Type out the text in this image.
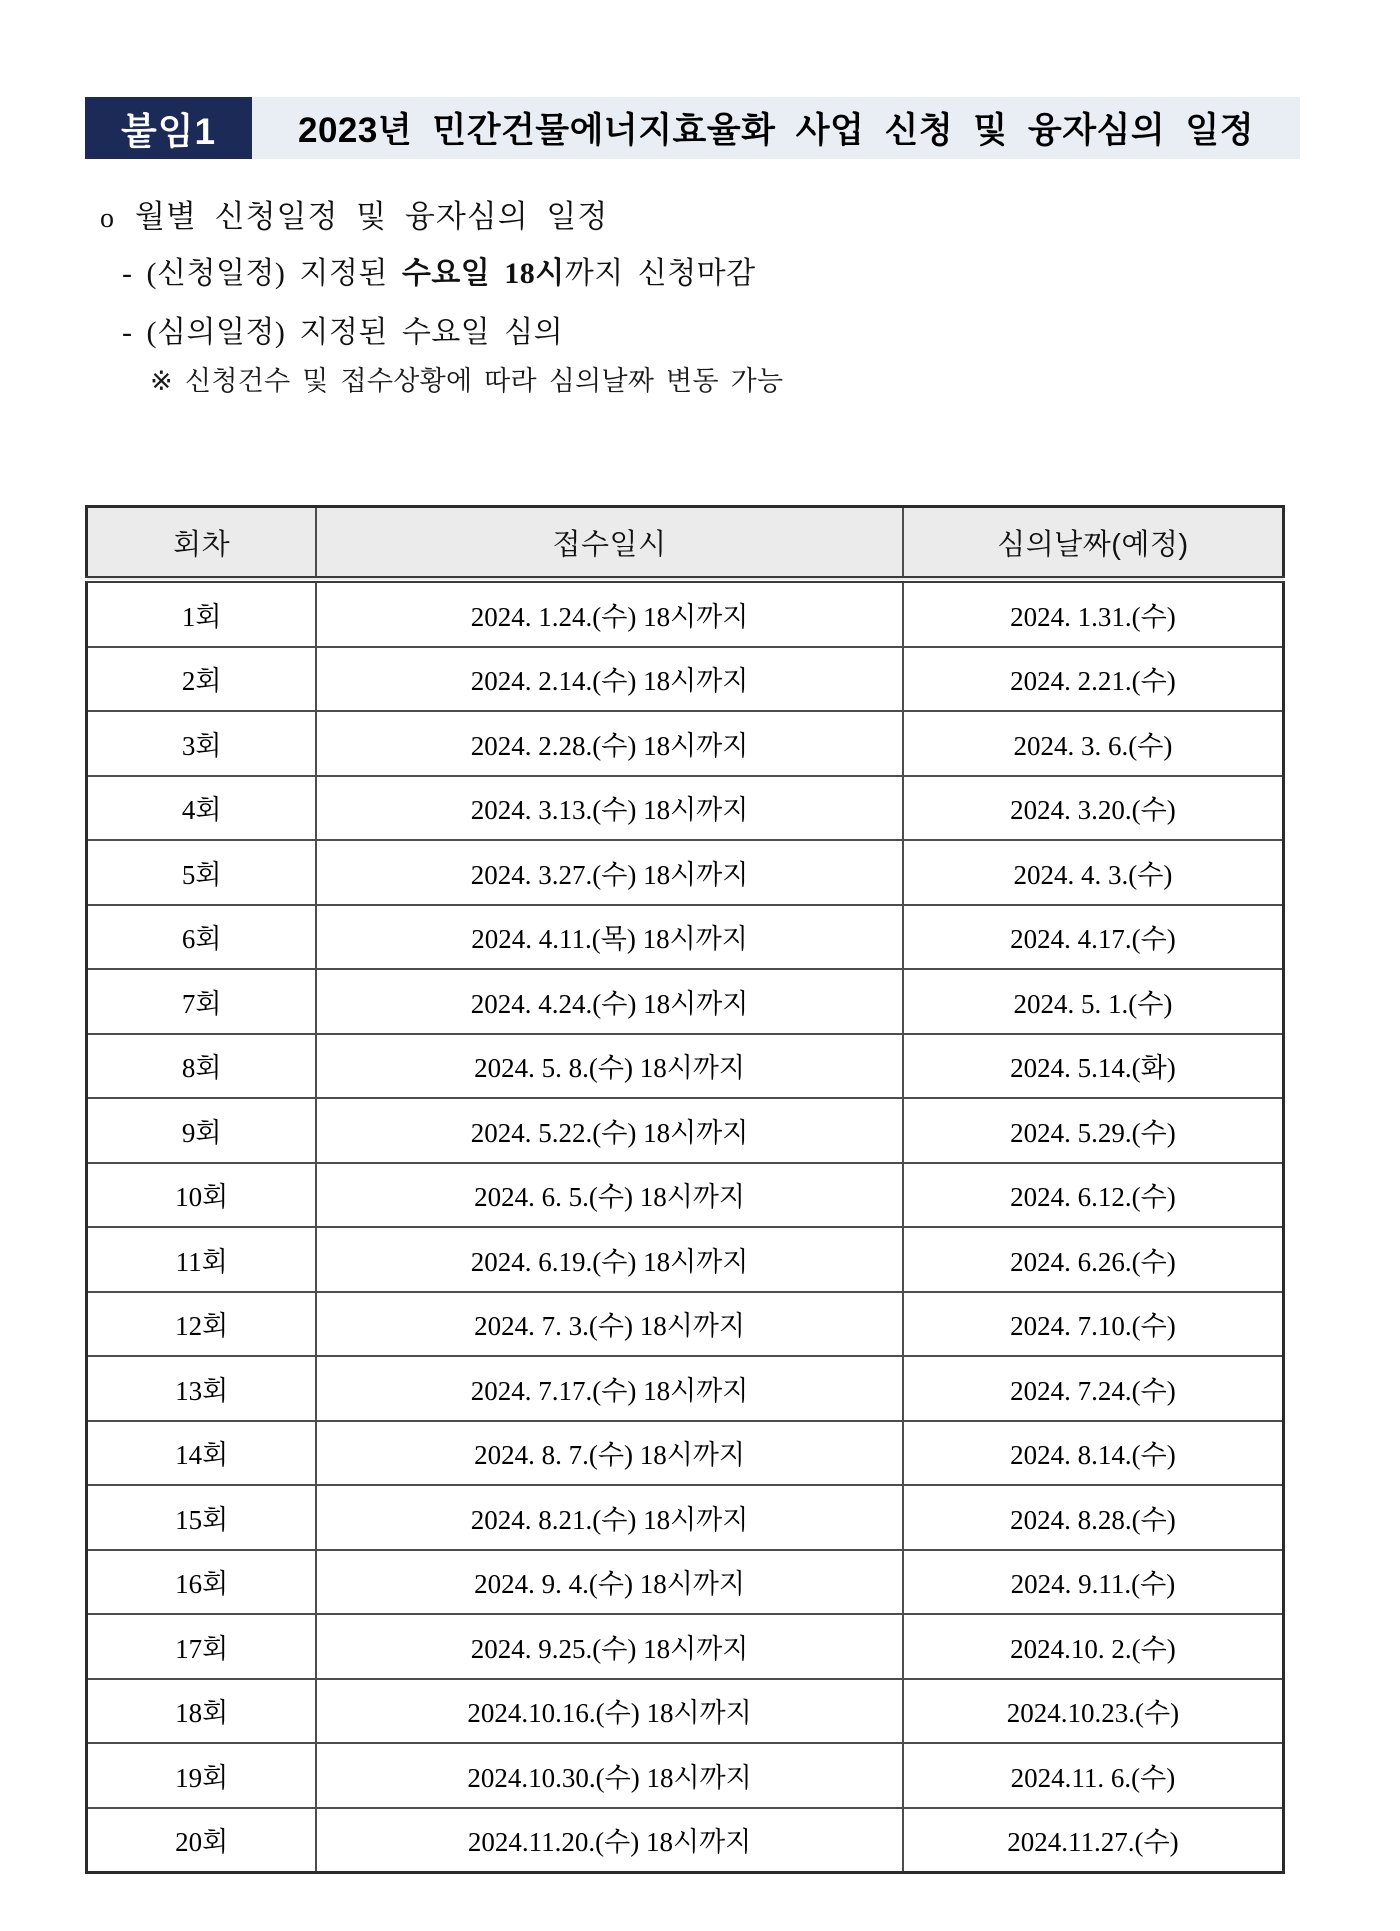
붙임1	2023년 민간건물에너지효율화 사업 신청 및 융자심의 일정
o 월별 신청일정 및 융자심의 일정
- (신청일정) 지정된 수요일 18시까지 신청마감
- (심의일정) 지정된 수요일 심의
※ 신청건수 및 접수상황에 따라 심의날짜 변동 가능
회차	접수일시	심의날짜(예정)
1회	2024. 1.24.(수) 18시까지	2024. 1.31.(수)
2회	2024. 2.14.(수) 18시까지	2024. 2.21.(수)
3회	2024. 2.28.(수) 18시까지	2024. 3. 6.(수)
4회	2024. 3.13.(수) 18시까지	2024. 3.20.(수)
5회	2024. 3.27.(수) 18시까지	2024. 4. 3.(수)
6회	2024. 4.11.(목) 18시까지	2024. 4.17.(수)
7회	2024. 4.24.(수) 18시까지	2024. 5. 1.(수)
8회	2024. 5. 8.(수) 18시까지	2024. 5.14.(화)
9회	2024. 5.22.(수) 18시까지	2024. 5.29.(수)
10회	2024. 6. 5.(수) 18시까지	2024. 6.12.(수)
11회	2024. 6.19.(수) 18시까지	2024. 6.26.(수)
12회	2024. 7. 3.(수) 18시까지	2024. 7.10.(수)
13회	2024. 7.17.(수) 18시까지	2024. 7.24.(수)
14회	2024. 8. 7.(수) 18시까지	2024. 8.14.(수)
15회	2024. 8.21.(수) 18시까지	2024. 8.28.(수)
16회	2024. 9. 4.(수) 18시까지	2024. 9.11.(수)
17회	2024. 9.25.(수) 18시까지	2024.10. 2.(수)
18회	2024.10.16.(수) 18시까지	2024.10.23.(수)
19회	2024.10.30.(수) 18시까지	2024.11. 6.(수)
20회	2024.11.20.(수) 18시까지	2024.11.27.(수)
